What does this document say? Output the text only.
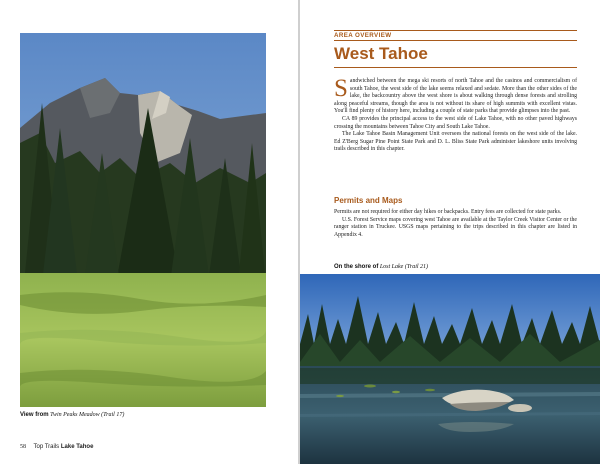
View from Twin Peaks Meadow (Trail 17)
58 Top Trails Lake Tahoe
AREA OVERVIEW
West Tahoe

Sandwiched between the mega ski resorts of north Tahoe and the casinos and commercialism of south Tahoe, the west side of the lake seems relaxed and sedate. More than the other sides of the lake, the backcountry above the west shore is about walking through dense forests and strolling along peaceful streams, though the area is not without its share of high summits with excellent vistas. You'll find plenty of history here, including a couple of state parks that provide glimpses into the past.

CA 89 provides the principal access to the west side of Lake Tahoe, with no other paved highways crossing the mountains between Tahoe City and South Lake Tahoe.

The Lake Tahoe Basin Management Unit oversees the national forests on the west side of the lake. Ed Z'Berg Sugar Pine Point State Park and D. L. Bliss State Park administer lakeshore units involving trails described in this chapter.

Permits and Maps

Permits are not required for either day hikes or backpacks. Entry fees are collected for state parks.

U.S. Forest Service maps covering west Tahoe are available at the Taylor Creek Visitor Center or the ranger station in Truckee. USGS maps pertaining to the trips described in this chapter are listed in Appendix 4.

On the shore of Lost Lake (Trail 21)
